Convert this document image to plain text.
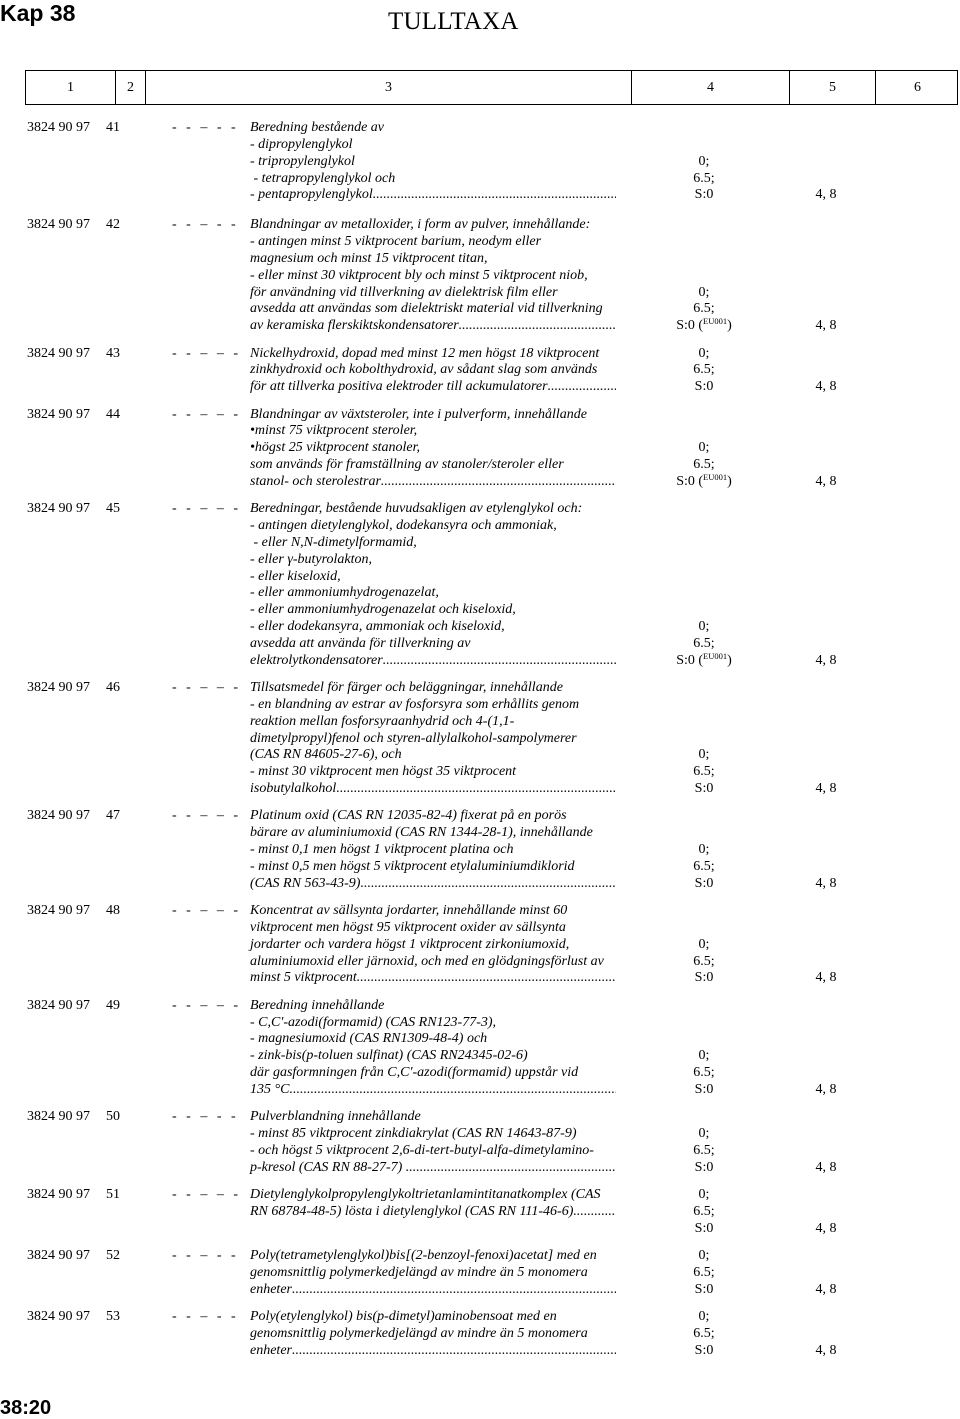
Kap 38	TULLTAXA
1	2	3	4	5	6
3824 90 97 41	- - – - - Beredning bestående av
- dipropylenglykol
- tripropylenglykol	0;
- tetrapropylenglykol och	6.5;
- pentapropylenglykol .....	S:0	4, 8
3824 90 97 42	- - – - - Blandningar av metalloxider, i form av pulver, innehållande:
- antingen minst 5 viktprocent barium, neodym eller
magnesium och minst 15 viktprocent titan,
- eller minst 30 viktprocent bly och minst 5 viktprocent niob,
för användning vid tillverkning av dielektrisk film eller	0;
avsedda att användas som dielektriskt material vid tillverkning	6.5;
av keramiska flerskiktskondensatorer .....	S:0 ($^{EU001}$)	4, 8
3824 90 97 43	- - – – - Nickelhydroxid, dopad med minst 12 men högst 18 viktprocent	0;
zinkhydroxid och kobolthydroxid, av sådant slag som används	6.5;
för att tillverka positiva elektroder till ackumulatorer .....	S:0	4, 8
3824 90 97 44	- - – – - Blandningar av växtsteroler, inte i pulverform, innehållande
•minst 75 viktprocent steroler,
•högst 25 viktprocent stanoler,	0;
som används för framställning av stanoler/steroler eller	6.5;
stanol- och sterolestrar .....	S:0 ($^{EU001}$)	4, 8
3824 90 97 45	- - – – - Beredningar, bestående huvudsakligen av etylenglykol och:
- antingen dietylenglykol, dodekansyra och ammoniak,
- eller N,N-dimetylformamid,
- eller γ-butyrolakton,
- eller kiseloxid,
- eller ammoniumhydrogenazelat,
- eller ammoniumhydrogenazelat och kiseloxid,
- eller dodekansyra, ammoniak och kiseloxid,	0;
avsedda att använda för tillverkning av	6.5;
elektrolytkondensatorer .....	S:0 ($^{EU001}$)	4, 8
3824 90 97 46	- - – – - Tillsatsmedel för färger och beläggningar, innehållande
- en blandning av estrar av fosforsyra som erhållits genom
reaktion mellan fosforsyraanhydrid och 4-(1,1-
dimetylpropyl)fenol och styren-allylalkohol-sampolymerer
(CAS RN 84605-27-6), och	0;
- minst 30 viktprocent men högst 35 viktprocent	6.5;
isobutylalkohol .....	S:0	4, 8
3824 90 97 47	- - – – - Platinum oxid (CAS RN 12035-82-4) fixerat på en porös
bärare av aluminiumoxid (CAS RN 1344-28-1), innehållande
- minst 0,1 men högst 1 viktprocent platina och	0;
- minst 0,5 men högst 5 viktprocent etylaluminiumdiklorid	6.5;
(CAS RN 563-43-9) .....	S:0	4, 8
3824 90 97 48	- - – – - Koncentrat av sällsynta jordarter, innehållande minst 60
viktprocent men högst 95 viktprocent oxider av sällsynta
jordarter och vardera högst 1 viktprocent zirkoniumoxid,	0;
aluminiumoxid eller järnoxid, och med en glödgningsförlust av	6.5;
minst 5 viktprocent .....	S:0	4, 8
3824 90 97 49	- - – – - Beredning innehållande
- C,C'-azodi(formamid) (CAS RN123-77-3),
- magnesiumoxid (CAS RN1309-48-4) och
- zink-bis(p-toluen sulfinat) (CAS RN24345-02-6)	0;
där gasformningen från C,C'-azodi(formamid) uppstår vid	6.5;
135 °C .....	S:0	4, 8
3824 90 97 50	- - – - - Pulverblandning innehållande
- minst 85 viktprocent zinkdiakrylat (CAS RN 14643-87-9)	0;
- och högst 5 viktprocent 2,6-di-tert-butyl-alfa-dimetylamino-	6.5;
p-kresol (CAS RN 88-27-7) .....	S:0	4, 8
3824 90 97 51	- - – – - Dietylenglykolpropylenglykoltrietanlamintitanatkomplex (CAS	0;
RN 68784-48-5) lösta i dietylenglykol (CAS RN 111-46-6) .....	6.5;
S:0	4, 8
3824 90 97 52	- - – - - Poly(tetrametylenglykol)bis[(2-benzoyl-fenoxi)acetat] med en	0;
genomsnittlig polymerkedjelängd av mindre än 5 monomera	6.5;
enheter .....	S:0	4, 8
3824 90 97 53	- - – - - Poly(etylenglykol) bis(p-dimetyl)aminobensoat med en	0;
genomsnittlig polymerkedjelängd av mindre än 5 monomera	6.5;
enheter .....	S:0	4, 8
38:20
